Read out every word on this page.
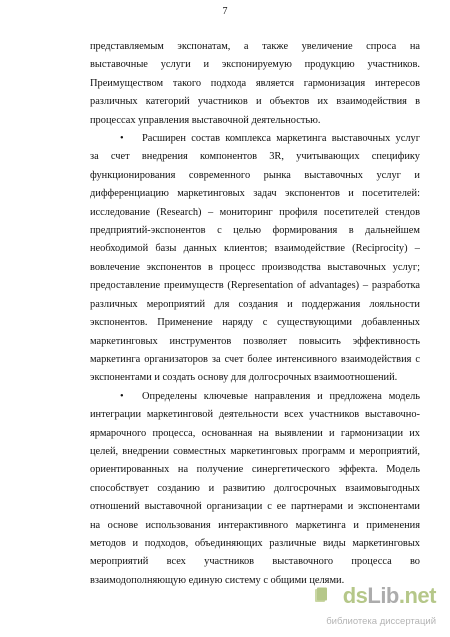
7
представляемым экспонатам, а также увеличение спроса на
выставочные услуги и экспонируемую продукцию участников.
Преимуществом такого подхода является гармонизация интересов
различных категорий участников и объектов их взаимодействия в
процессах управления выставочной деятельностью.
•	Расширен состав комплекса маркетинга выставочных услуг
за счет внедрения компонентов 3R, учитывающих специфику
функционирования современного рынка выставочных услуг и
дифференциацию маркетинговых задач экспонентов и посетителей:
исследование (Research) – мониторинг профиля посетителей стендов
предприятий-экспонентов с целью формирования в дальнейшем
необходимой базы данных клиентов; взаимодействие (Reciprocity) –
вовлечение экспонентов в процесс производства выставочных услуг;
предоставление преимуществ (Representation of advantages) – разработка
различных мероприятий для создания и поддержания лояльности
экспонентов. Применение наряду с существующими добавленных
маркетинговых инструментов позволяет повысить эффективность
маркетинга организаторов за счет более интенсивного взаимодействия с
экспонентами и создать основу для долгосрочных взаимоотношений.
•	Определены ключевые направления и предложена модель
интеграции маркетинговой деятельности всех участников выставочно-
ярмарочного процесса, основанная на выявлении и гармонизации их
целей, внедрении совместных маркетинговых программ и мероприятий,
ориентированных на получение синергетического эффекта. Модель
способствует созданию и развитию долгосрочных взаимовыгодных
отношений выставочной организации с ее партнерами и экспонентами
на основе использования интерактивного маркетинга и применения
методов и подходов, объединяющих различные виды маркетинговых
мероприятий всех участников выставочного процесса во
взаимодополняющую единую систему с общими целями.
dsLib.net
библиотека диссертаций
